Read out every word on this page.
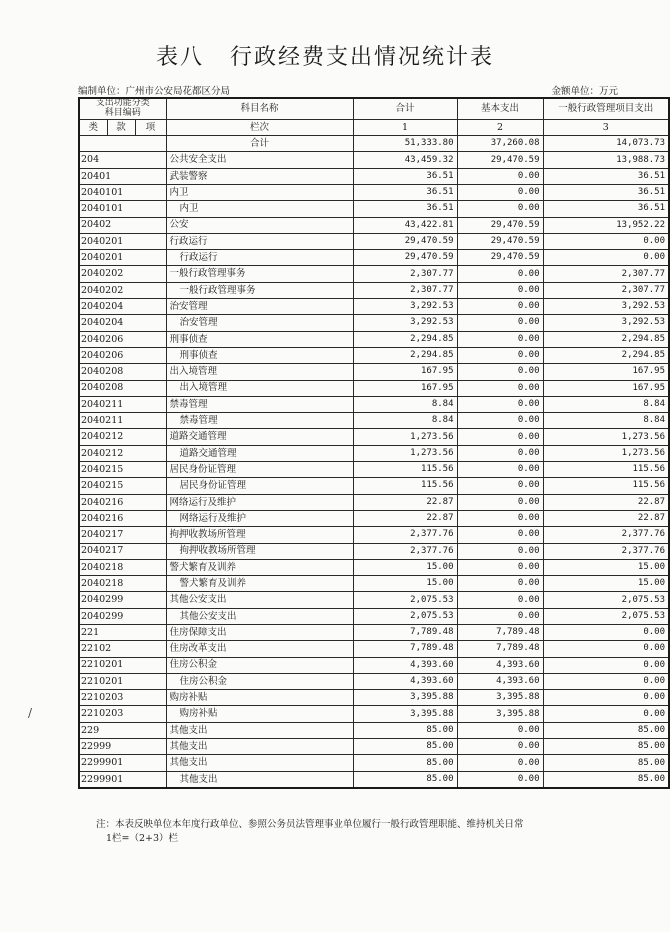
表八 行政经费支出情况统计表
编制单位：广州市公安局花都区分局	金额单位：万元
支出功能分类
科目编码			科目名称	合计	基本支出	一般行政管理项目支出
类	款	项				
			栏次	1	2	3
			合计	51,333.80	37,260.08	14,073.73
204			公共安全支出	43,459.32	29,470.59	13,988.73
20401			武装警察	36.51	0.00	36.51
2040101			内卫	36.51	0.00	36.51
2040101			内卫	36.51	0.00	36.51
20402			公安	43,422.81	29,470.59	13,952.22
2040201			行政运行	29,470.59	29,470.59	0.00
2040201			行政运行	29,470.59	29,470.59	0.00
2040202			一般行政管理事务	2,307.77	0.00	2,307.77
2040202			一般行政管理事务	2,307.77	0.00	2,307.77
2040204			治安管理	3,292.53	0.00	3,292.53
2040204			治安管理	3,292.53	0.00	3,292.53
2040206			刑事侦查	2,294.85	0.00	2,294.85
2040206			刑事侦查	2,294.85	0.00	2,294.85
2040208			出入境管理	167.95	0.00	167.95
2040208			出入境管理	167.95	0.00	167.95
2040211			禁毒管理	8.84	0.00	8.84
2040211			禁毒管理	8.84	0.00	8.84
2040212			道路交通管理	1,273.56	0.00	1,273.56
2040212			道路交通管理	1,273.56	0.00	1,273.56
2040215			居民身份证管理	115.56	0.00	115.56
2040215			居民身份证管理	115.56	0.00	115.56
2040216			网络运行及维护	22.87	0.00	22.87
2040216			网络运行及维护	22.87	0.00	22.87
2040217			拘押收教场所管理	2,377.76	0.00	2,377.76
2040217			拘押收教场所管理	2,377.76	0.00	2,377.76
2040218			警犬繁育及训养	15.00	0.00	15.00
2040218			警犬繁育及训养	15.00	0.00	15.00
2040299			其他公安支出	2,075.53	0.00	2,075.53
2040299			其他公安支出	2,075.53	0.00	2,075.53
221			住房保障支出	7,789.48	7,789.48	0.00
22102			住房改革支出	7,789.48	7,789.48	0.00
2210201			住房公积金	4,393.60	4,393.60	0.00
2210201			住房公积金	4,393.60	4,393.60	0.00
2210203			购房补贴	3,395.88	3,395.88	0.00
2210203			购房补贴	3,395.88	3,395.88	0.00
229			其他支出	85.00	0.00	85.00
22999			其他支出	85.00	0.00	85.00
2299901			其他支出	85.00	0.00	85.00
2299901			其他支出	85.00	0.00	85.00
/
注：本表反映单位本年度行政单位、参照公务员法管理事业单位履行一般行政管理职能、维持机关日常
1栏=（2+3）栏
